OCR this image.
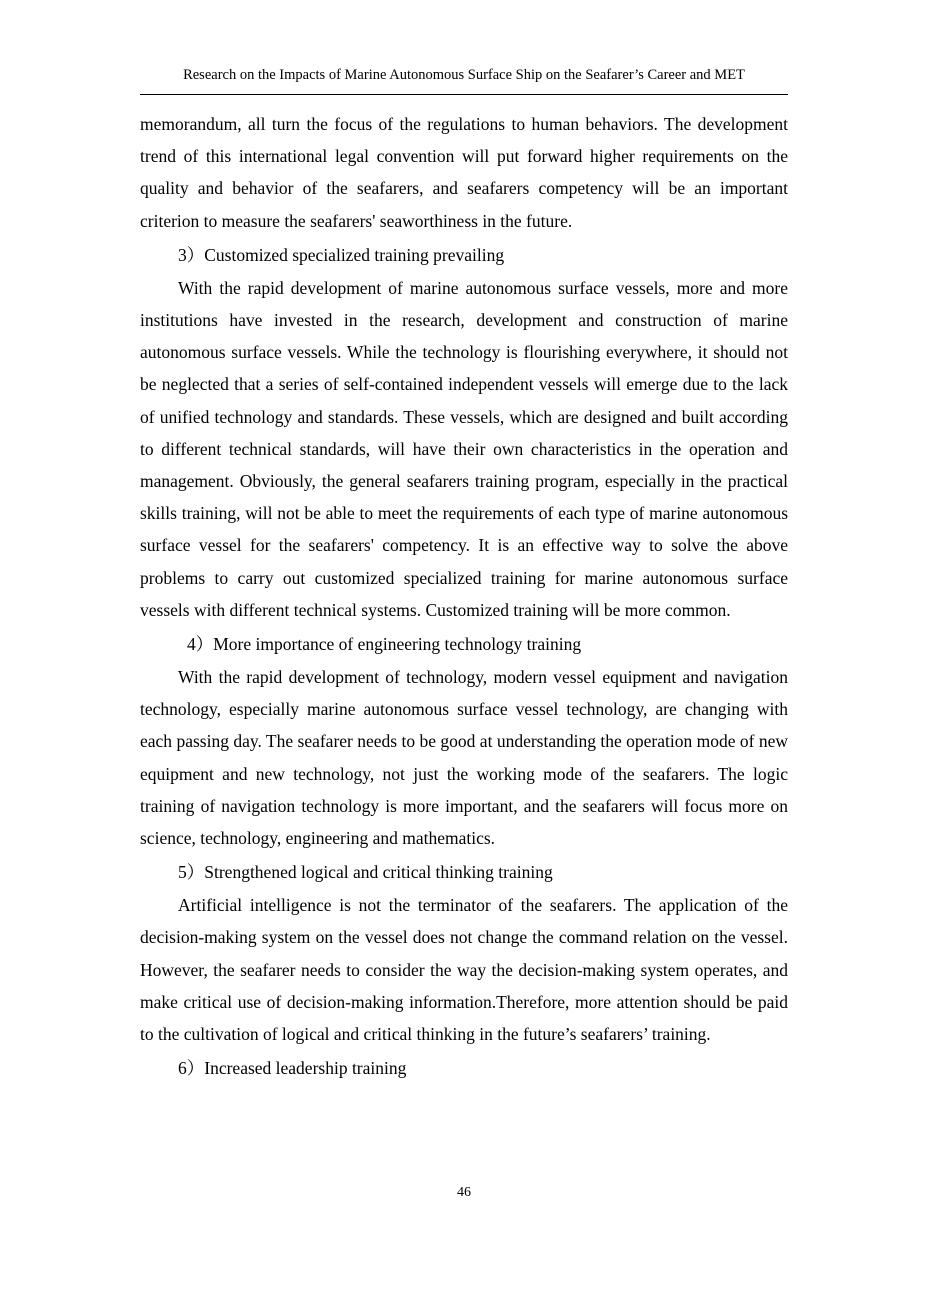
Research on the Impacts of Marine Autonomous Surface Ship on the Seafarer’s Career and MET

memorandum, all turn the focus of the regulations to human behaviors. The development trend of this international legal convention will put forward higher requirements on the quality and behavior of the seafarers, and seafarers competency will be an important criterion to measure the seafarers' seaworthiness in the future.

3）Customized specialized training prevailing

With the rapid development of marine autonomous surface vessels, more and more institutions have invested in the research, development and construction of marine autonomous surface vessels. While the technology is flourishing everywhere, it should not be neglected that a series of self-contained independent vessels will emerge due to the lack of unified technology and standards. These vessels, which are designed and built according to different technical standards, will have their own characteristics in the operation and management. Obviously, the general seafarers training program, especially in the practical skills training, will not be able to meet the requirements of each type of marine autonomous surface vessel for the seafarers' competency. It is an effective way to solve the above problems to carry out customized specialized training for marine autonomous surface vessels with different technical systems. Customized training will be more common.

4）More importance of engineering technology training

With the rapid development of technology, modern vessel equipment and navigation technology, especially marine autonomous surface vessel technology, are changing with each passing day. The seafarer needs to be good at understanding the operation mode of new equipment and new technology, not just the working mode of the seafarers. The logic training of navigation technology is more important, and the seafarers will focus more on science, technology, engineering and mathematics.

5）Strengthened logical and critical thinking training

Artificial intelligence is not the terminator of the seafarers. The application of the decision-making system on the vessel does not change the command relation on the vessel. However, the seafarer needs to consider the way the decision-making system operates, and make critical use of decision-making information.Therefore, more attention should be paid to the cultivation of logical and critical thinking in the future’s seafarers’ training.

6）Increased leadership training

46
